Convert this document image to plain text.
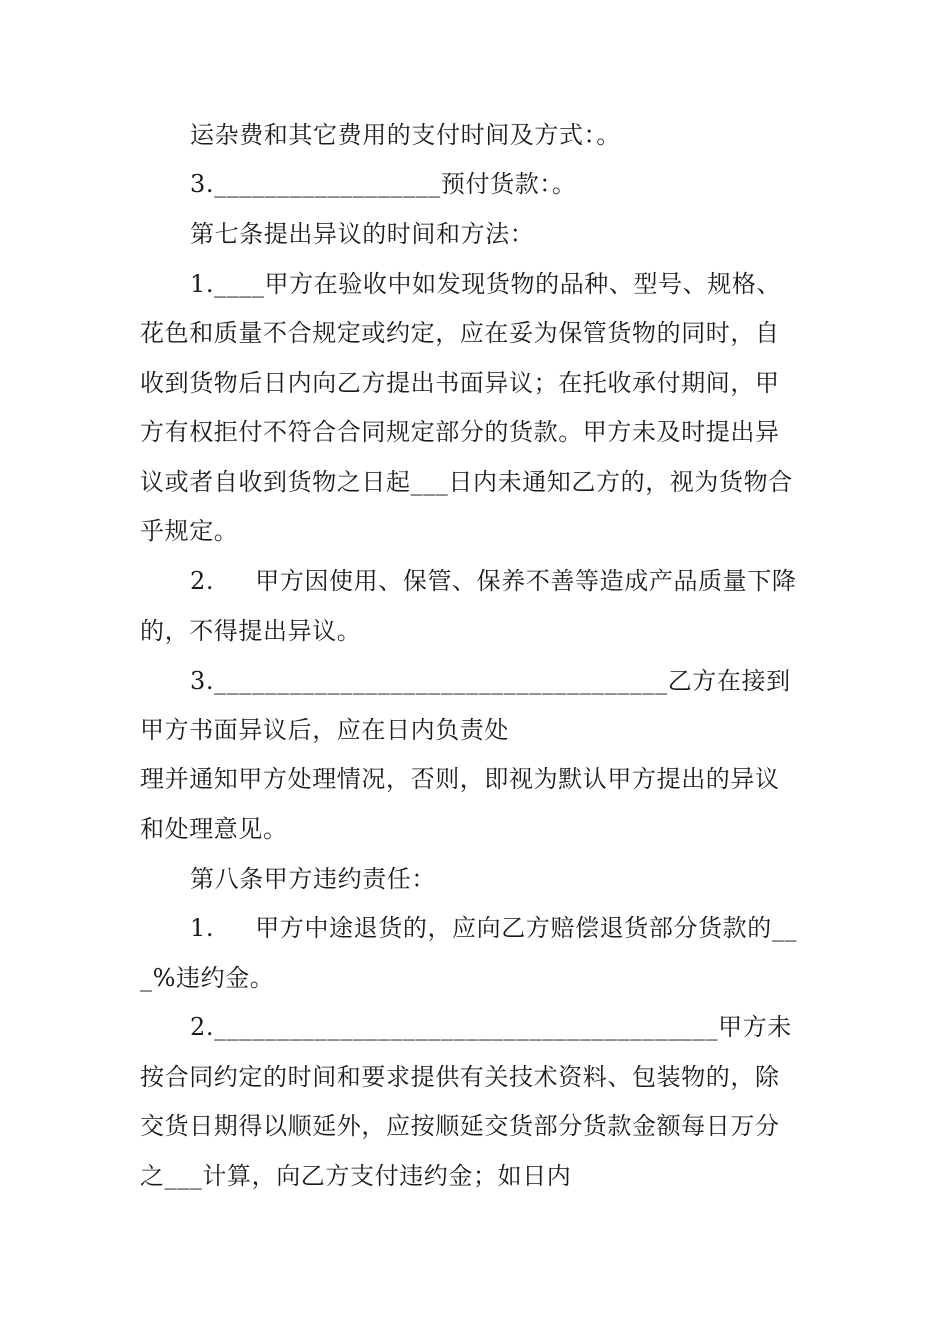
运杂费和其它费用的支付时间及方式：。
3.__________________预付货款：。
第七条提出异议的时间和方法：
1.____甲方在验收中如发现货物的品种、型号、规格、
花色和质量不合规定或约定，应在妥为保管货物的同时，自
收到货物后日内向乙方提出书面异议；在托收承付期间，甲
方有权拒付不符合合同规定部分的货款。甲方未及时提出异
议或者自收到货物之日起___日内未通知乙方的，视为货物合
乎规定。
2.     甲方因使用、保管、保养不善等造成产品质量下降
的，不得提出异议。
3.____________________________________乙方在接到
甲方书面异议后，应在日内负责处
理并通知甲方处理情况，否则，即视为默认甲方提出的异议
和处理意见。
第八条甲方违约责任：
1.     甲方中途退货的，应向乙方赔偿退货部分货款的__
_%违约金。
2.________________________________________甲方未
按合同约定的时间和要求提供有关技术资料、包装物的，除
交货日期得以顺延外，应按顺延交货部分货款金额每日万分
之___计算，向乙方支付违约金；如日内
